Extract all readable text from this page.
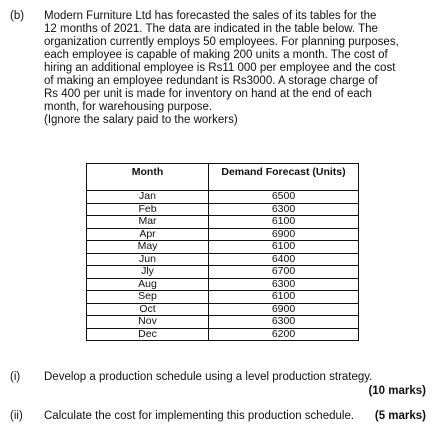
(b) Modern Furniture Ltd has forecasted the sales of its tables for the

12 months of 2021. The data are indicated in the table below. The

organization currently employs 50 employees. For planning purposes,

each employee is capable of making 200 units a month. The cost of

hiring an additional employee is Rs11 000 per employee and the cost

of making an employee redundant is Rs3000. A storage charge of

Rs 400 per unit is made for inventory on hand at the end of each

month, for warehousing purpose.

(Ignore the salary paid to the workers)

Month	Demand Forecast (Units)
Jan	6500
Feb	6300
Mar	6100
Apr	6900
May	6100
Jun	6400
Jly	6700
Aug	6300
Sep	6100
Oct	6900
Nov	6300
Dec	6200
(i) Develop a production schedule using a level production strategy.
(10 marks)
(ii) Calculate the cost for implementing this production schedule. (5 marks)
